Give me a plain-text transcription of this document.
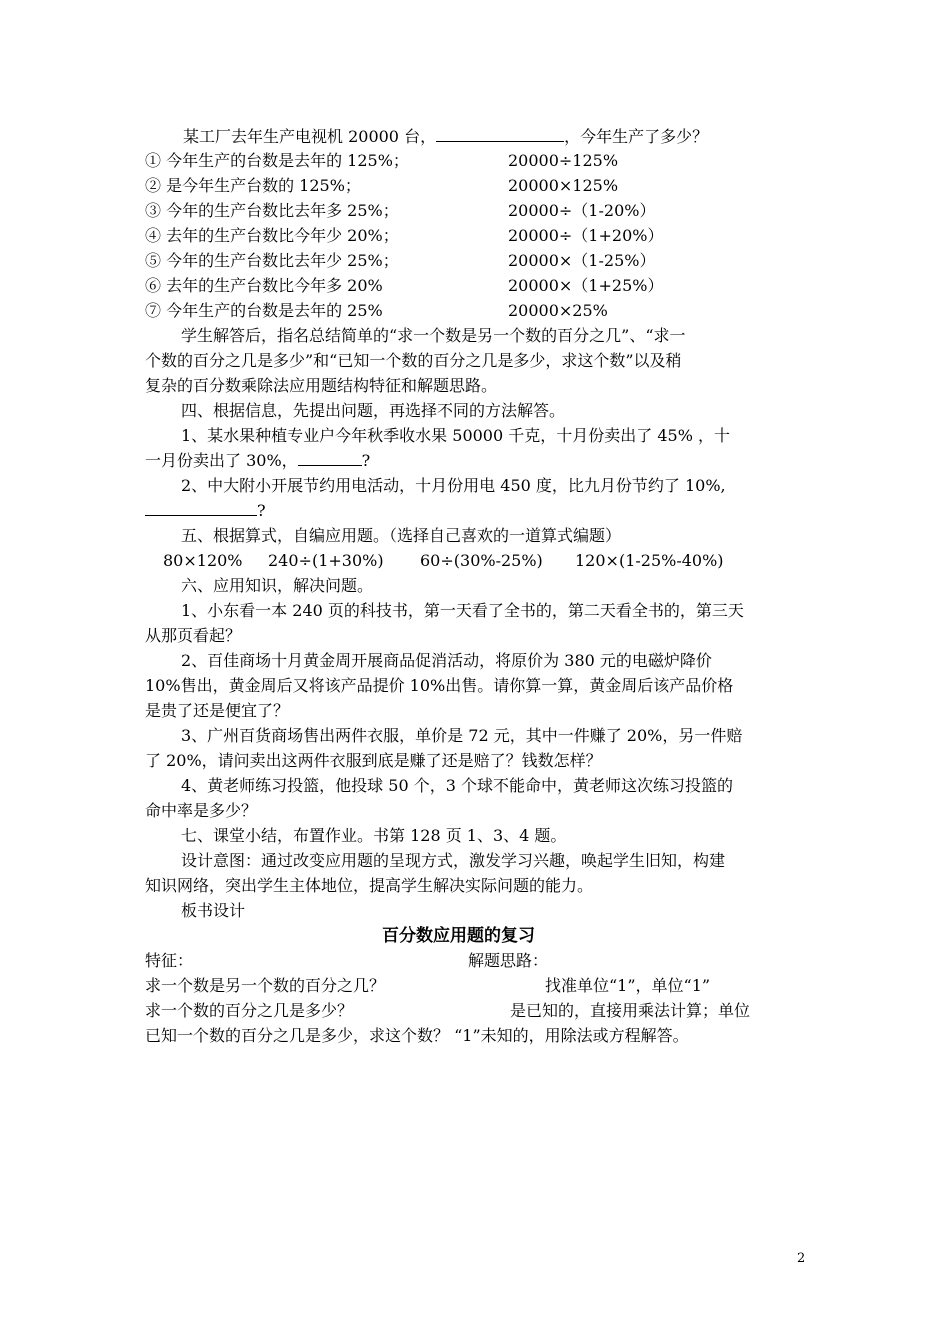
某工厂去年生产电视机 20000 台，	，今年生产了多少？
① 今年生产的台数是去年的 125%；	20000÷125%
② 是今年生产台数的 125%；	20000×125%
③ 今年的生产台数比去年多 25%；	20000÷（1-20%）
④ 去年的生产台数比今年少 20%；	20000÷（1+20%）
⑤ 今年的生产台数比去年少 25%；	20000×（1-25%）
⑥ 去年的生产台数比今年多 20%	20000×（1+25%）
⑦ 今年生产的台数是去年的 25%	20000×25%
学生解答后，指名总结简单的“求一个数是另一个数的百分之几”、“求一
个数的百分之几是多少”和“已知一个数的百分之几是多少，求这个数”以及稍
复杂的百分数乘除法应用题结构特征和解题思路。
四、根据信息，先提出问题，再选择不同的方法解答。
1、某水果种植专业户今年秋季收水果 50000 千克，十月份卖出了 45% ，十
一月份卖出了 30%，	?
2、中大附小开展节约用电活动，十月份用电 450 度，比九月份节约了 10%,
?
五、根据算式，自编应用题。（选择自己喜欢的一道算式编题）
80×120% 240÷(1+30%) 60÷(30%-25%) 120×(1-25%-40%)
六、应用知识，解决问题。
1、小东看一本 240 页的科技书，第一天看了全书的，第二天看全书的，第三天
从那页看起？
2、百佳商场十月黄金周开展商品促消活动，将原价为 380 元的电磁炉降价
10%售出，黄金周后又将该产品提价 10%出售。请你算一算，黄金周后该产品价格
是贵了还是便宜了？
3、广州百货商场售出两件衣服，单价是 72 元，其中一件赚了 20%，另一件赔
了 20%，请问卖出这两件衣服到底是赚了还是赔了？钱数怎样？
4、黄老师练习投篮，他投球 50 个，3 个球不能命中，黄老师这次练习投篮的
命中率是多少？
七、课堂小结，布置作业。书第 128 页 1、3、4 题。
设计意图：通过改变应用题的呈现方式，激发学习兴趣，唤起学生旧知，构建
知识网络，突出学生主体地位，提高学生解决实际问题的能力。
板书设计
百分数应用题的复习
特征：	解题思路：
求一个数是另一个数的百分之几？	找准单位“1”，单位“1”
求一个数的百分之几是多少？	是已知的，直接用乘法计算；单位
已知一个数的百分之几是多少，求这个数？ “1”未知的，用除法或方程解答。
2
